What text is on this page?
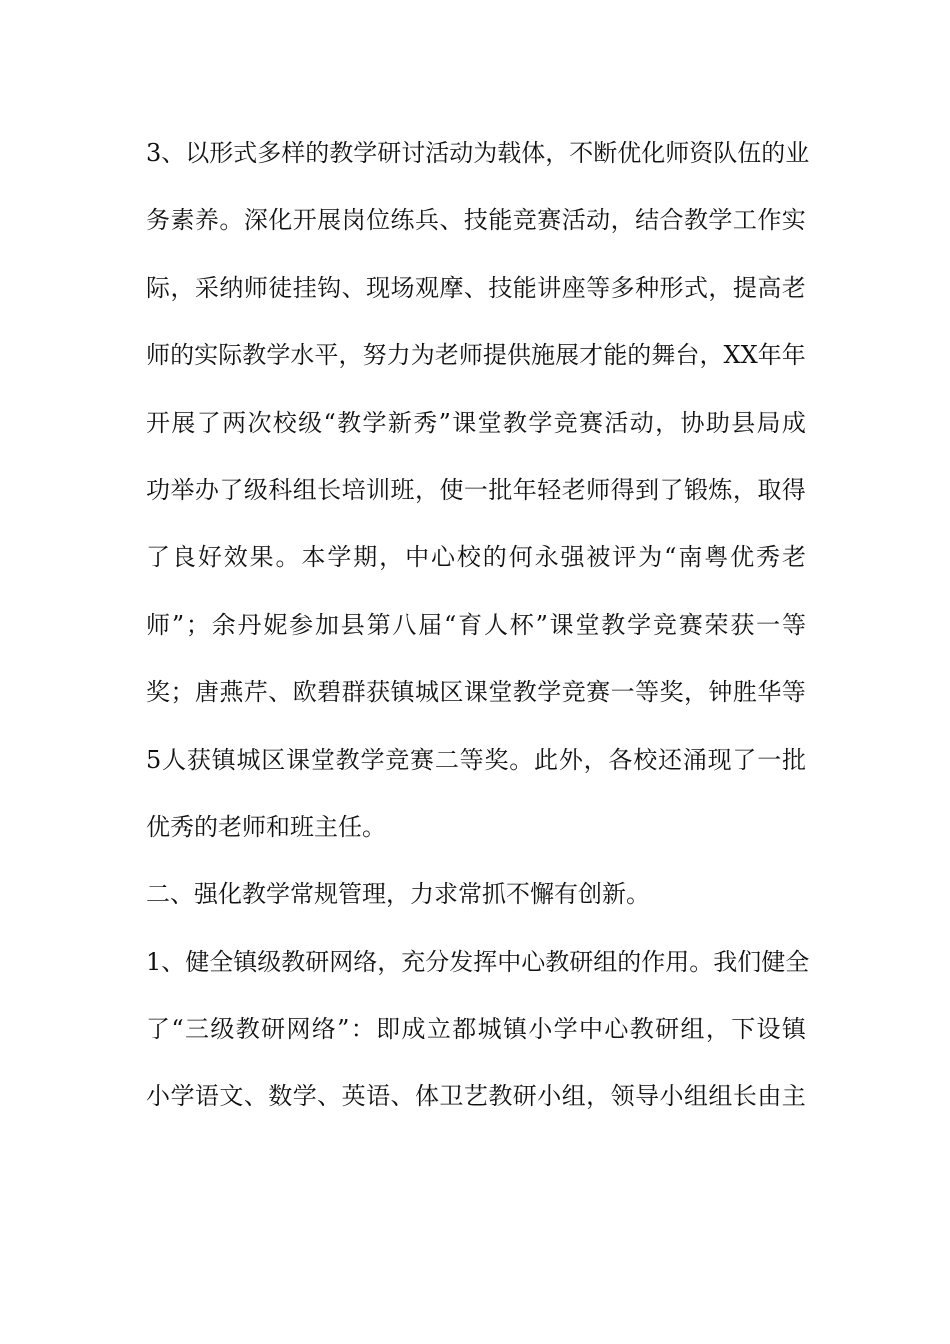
3 、 以 形 式 多 样 的 教 学 研 讨 活 动 为 载 体 ， 不 断 优 化 师 资 队 伍 的 业
务 素 养 。 深 化 开 展 岗 位 练 兵 、 技 能 竞 赛 活 动 ， 结 合 教 学 工 作 实
际 ， 采 纳 师 徒 挂 钩 、 现 场 观 摩 、 技 能 讲 座 等 多 种 形 式 ， 提 高 老
师 的 实 际 教 学 水 平 ， 努 力 为 老 师 提 供 施 展 才 能 的 舞 台 ， XX 年 年
开 展 了 两 次 校 级 “ 教 学 新 秀 ” 课 堂 教 学 竞 赛 活 动 ， 协 助 县 局 成
功 举 办 了 级 科 组 长 培 训 班 ， 使 一 批 年 轻 老 师 得 到 了 锻 炼 ， 取 得
了 良 好 效 果 。 本 学 期 ， 中 心 校 的 何 永 强 被 评 为 “ 南 粤 优 秀 老
师 ” ； 余 丹 妮 参 加 县 第 八 届 “ 育 人 杯 ” 课 堂 教 学 竞 赛 荣 获 一 等
奖 ； 唐 燕 芹 、 欧 碧 群 获 镇 城 区 课 堂 教 学 竞 赛 一 等 奖 ， 钟 胜 华 等
5 人 获 镇 城 区 课 堂 教 学 竞 赛 二 等 奖 。 此 外 ， 各 校 还 涌 现 了 一 批
优秀的老师和班主任。
二、强化教学常规管理，力求常抓不懈有创新。
1 、 健 全 镇 级 教 研 网 络 ， 充 分 发 挥 中 心 教 研 组 的 作 用 。 我 们 健 全
了 “ 三 级 教 研 网 络 ” ： 即 成 立 都 城 镇 小 学 中 心 教 研 组 ， 下 设 镇
小 学 语 文 、 数 学 、 英 语 、 体 卫 艺 教 研 小 组 ， 领 导 小 组 组 长 由 主
